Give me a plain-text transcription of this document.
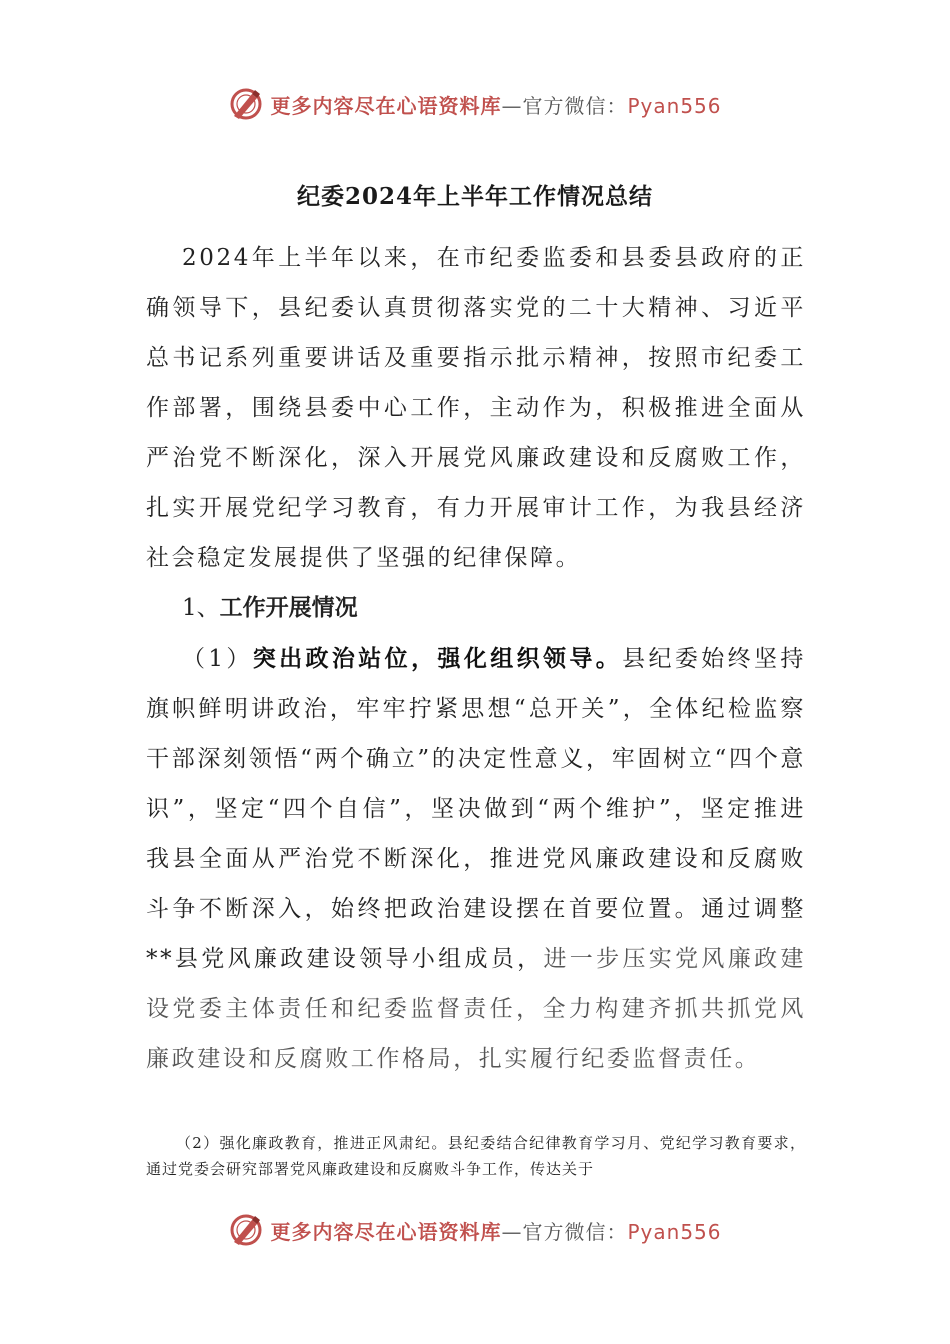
更多内容尽在心语资料库—官方微信：Pyan556
纪委2024年上半年工作情况总结
2024年上半年以来，在市纪委监委和县委县政府的正确领导下，县纪委认真贯彻落实党的二十大精神、习近平总书记系列重要讲话及重要指示批示精神，按照市纪委工作部署，围绕县委中心工作，主动作为，积极推进全面从严治党不断深化，深入开展党风廉政建设和反腐败工作，扎实开展党纪学习教育，有力开展审计工作，为我县经济社会稳定发展提供了坚强的纪律保障。
1、工作开展情况
（1）突出政治站位，强化组织领导。县纪委始终坚持旗帜鲜明讲政治，牢牢拧紧思想“总开关”，全体纪检监察干部深刻领悟“两个确立”的决定性意义，牢固树立“四个意识”，坚定“四个自信”，坚决做到“两个维护”，坚定推进我县全面从严治党不断深化，推进党风廉政建设和反腐败斗争不断深入，始终把政治建设摆在首要位置。通过调整**县党风廉政建设领导小组成员，进一步压实党风廉政建设党委主体责任和纪委监督责任，全力构建齐抓共抓党风廉政建设和反腐败工作格局，扎实履行纪委监督责任。
（2）强化廉政教育，推进正风肃纪。县纪委结合纪律教育学习月、党纪学习教育要求，通过党委会研究部署党风廉政建设和反腐败斗争工作，传达关于
更多内容尽在心语资料库—官方微信：Pyan556
